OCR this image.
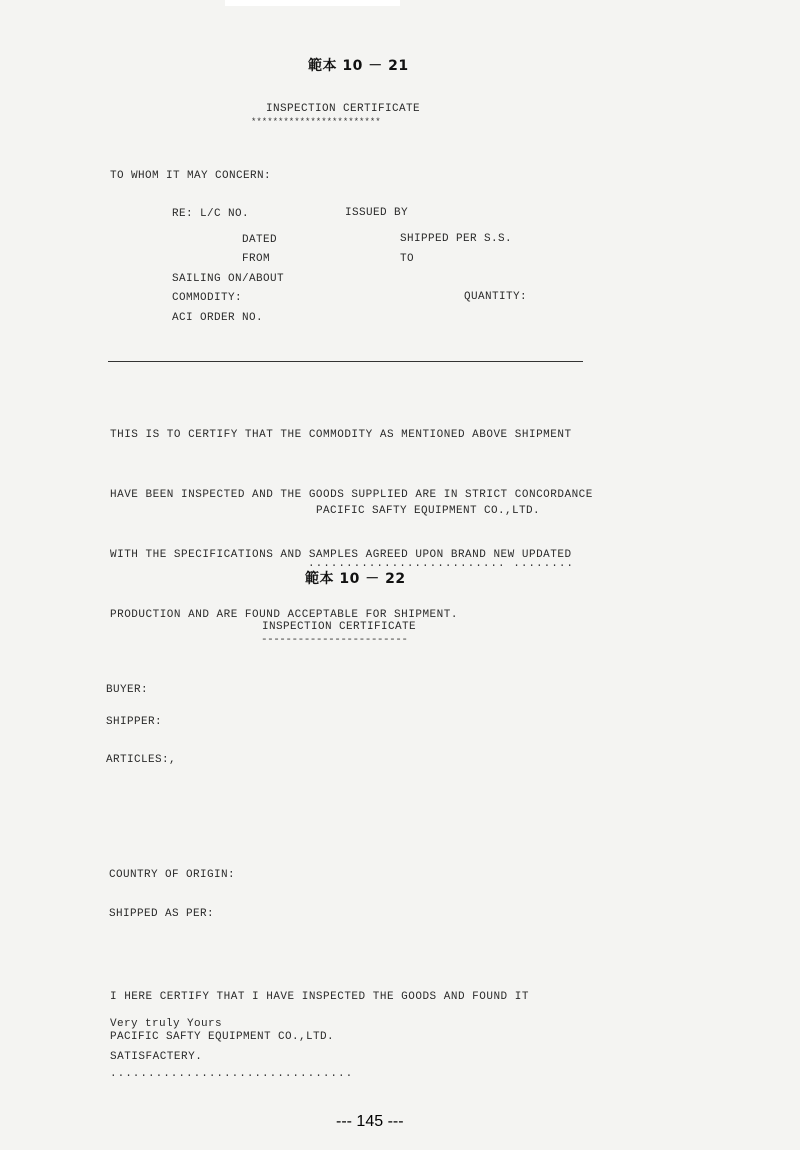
範本 10 － 21
INSPECTION CERTIFICATE
************************
TO WHOM IT MAY CONCERN:
RE: L/C NO.	ISSUED BY
DATED	SHIPPED PER S.S.
FROM	TO
SAILING ON/ABOUT
COMMODITY:	QUANTITY:
ACI ORDER NO.

THIS IS TO CERTIFY THAT THE COMMODITY AS MENTIONED ABOVE SHIPMENT

HAVE BEEN INSPECTED AND THE GOODS SUPPLIED ARE IN STRICT CONCORDANCE

WITH THE SPECIFICATIONS AND SAMPLES AGREED UPON BRAND NEW UPDATED

PRODUCTION AND ARE FOUND ACCEPTABLE FOR SHIPMENT.

PACIFIC SAFTY EQUIPMENT CO.,LTD.
.......................... ........
範本 10 － 22
INSPECTION CERTIFICATE
------------------------
BUYER:
SHIPPER:
ARTICLES:,
COUNTRY OF ORIGIN:
SHIPPED AS PER:

I HERE CERTIFY THAT I HAVE INSPECTED THE GOODS AND FOUND IT

SATISFACTERY.

Very truly Yours
PACIFIC SAFTY EQUIPMENT CO.,LTD.
................................
--- 145 ---
